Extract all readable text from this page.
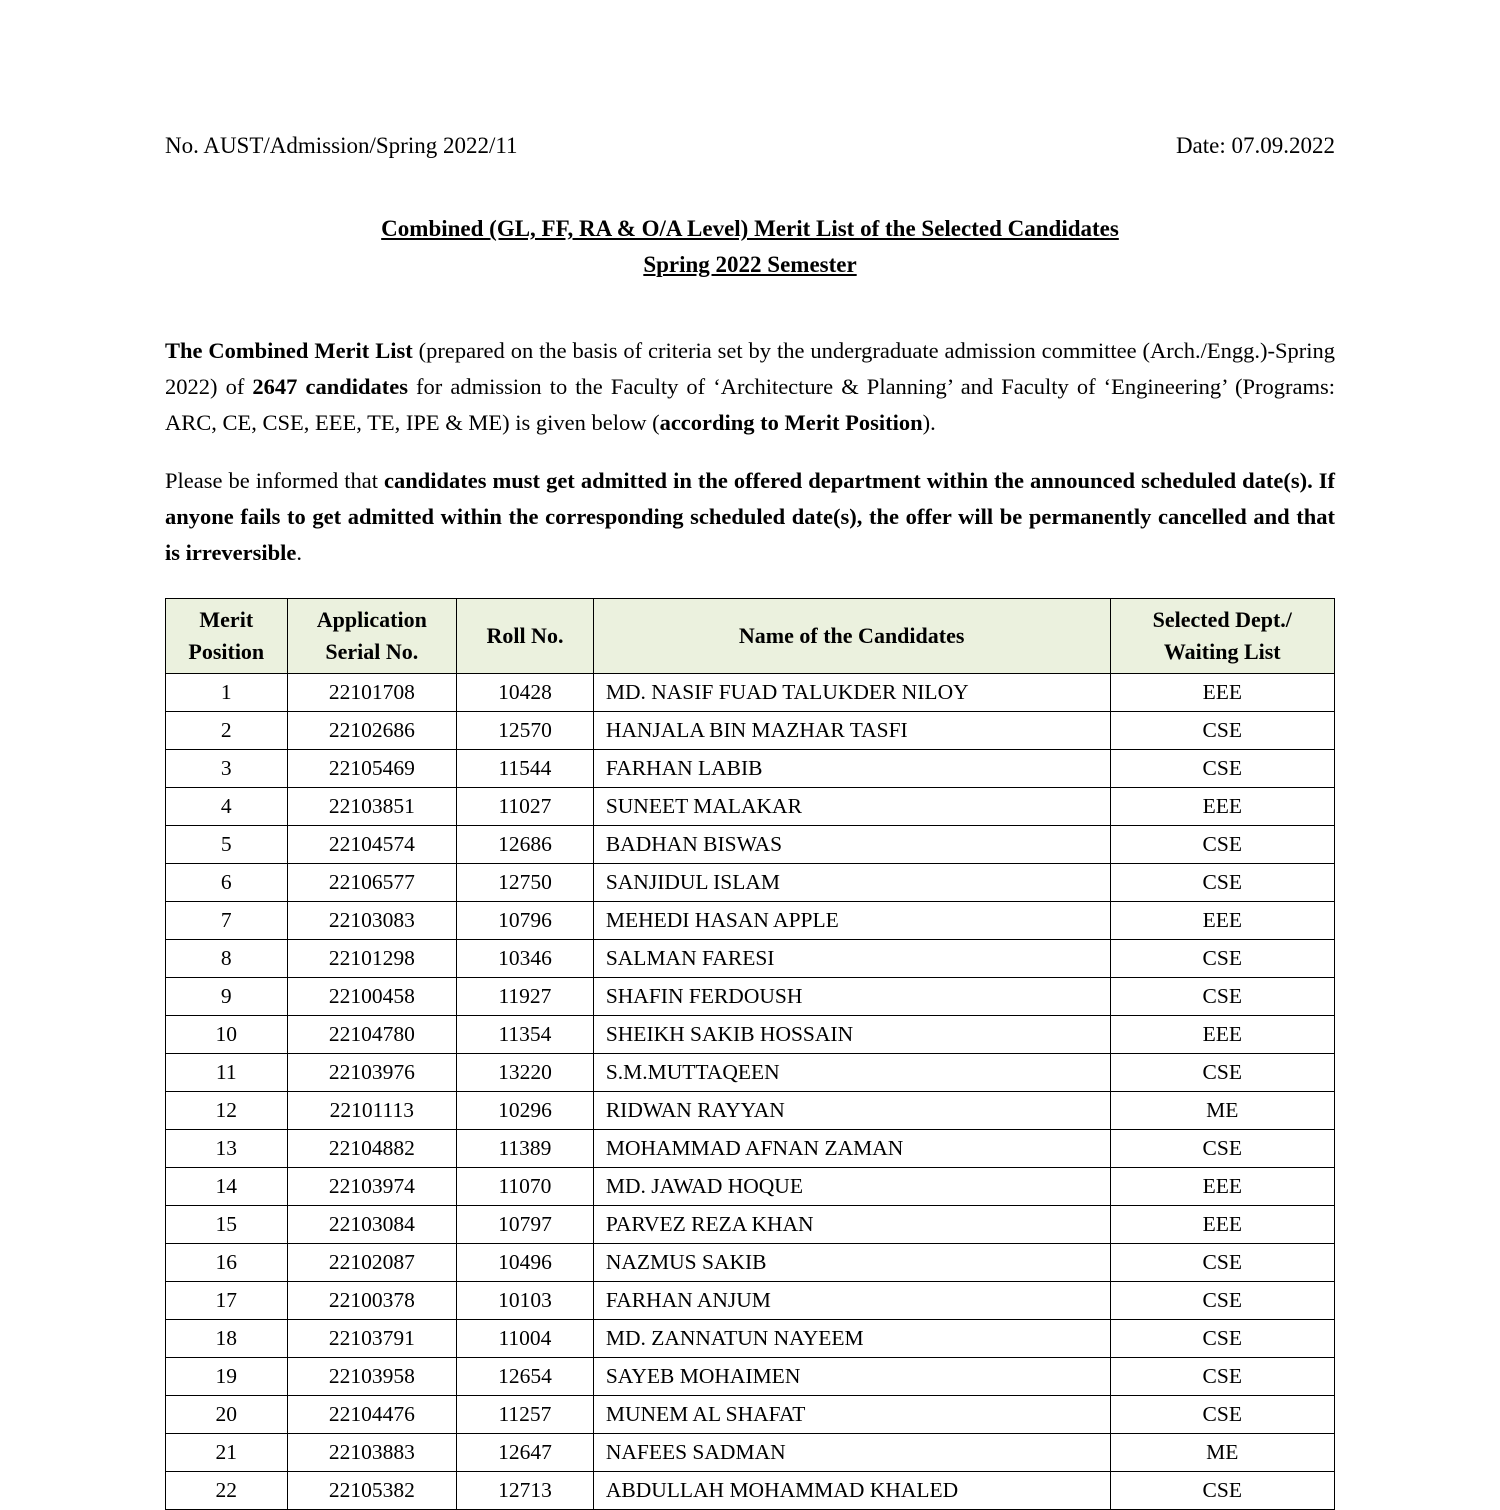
No. AUST/Admission/Spring 2022/11	Date: 07.09.2022
Combined (GL, FF, RA & O/A Level) Merit List of the Selected Candidates
Spring 2022 Semester

The Combined Merit List (prepared on the basis of criteria set by the undergraduate admission committee (Arch./Engg.)-Spring 2022) of 2647 candidates for admission to the Faculty of ‘Architecture & Planning’ and Faculty of ‘Engineering’ (Programs: ARC, CE, CSE, EEE, TE, IPE & ME) is given below (according to Merit Position).

Please be informed that candidates must get admitted in the offered department within the announced scheduled date(s). If anyone fails to get admitted within the corresponding scheduled date(s), the offer will be permanently cancelled and that is irreversible.

Merit Position	Application Serial No.	Roll No.	Name of the Candidates	Selected Dept./ Waiting List
1	22101708	10428	MD. NASIF FUAD TALUKDER NILOY	EEE
2	22102686	12570	HANJALA BIN MAZHAR TASFI	CSE
3	22105469	11544	FARHAN LABIB	CSE
4	22103851	11027	SUNEET MALAKAR	EEE
5	22104574	12686	BADHAN BISWAS	CSE
6	22106577	12750	SANJIDUL ISLAM	CSE
7	22103083	10796	MEHEDI HASAN APPLE	EEE
8	22101298	10346	SALMAN FARESI	CSE
9	22100458	11927	SHAFIN FERDOUSH	CSE
10	22104780	11354	SHEIKH SAKIB HOSSAIN	EEE
11	22103976	13220	S.M.MUTTAQEEN	CSE
12	22101113	10296	RIDWAN RAYYAN	ME
13	22104882	11389	MOHAMMAD AFNAN ZAMAN	CSE
14	22103974	11070	MD. JAWAD HOQUE	EEE
15	22103084	10797	PARVEZ REZA KHAN	EEE
16	22102087	10496	NAZMUS SAKIB	CSE
17	22100378	10103	FARHAN ANJUM	CSE
18	22103791	11004	MD. ZANNATUN NAYEEM	CSE
19	22103958	12654	SAYEB MOHAIMEN	CSE
20	22104476	11257	MUNEM AL SHAFAT	CSE
21	22103883	12647	NAFEES SADMAN	ME
22	22105382	12713	ABDULLAH MOHAMMAD KHALED	CSE
